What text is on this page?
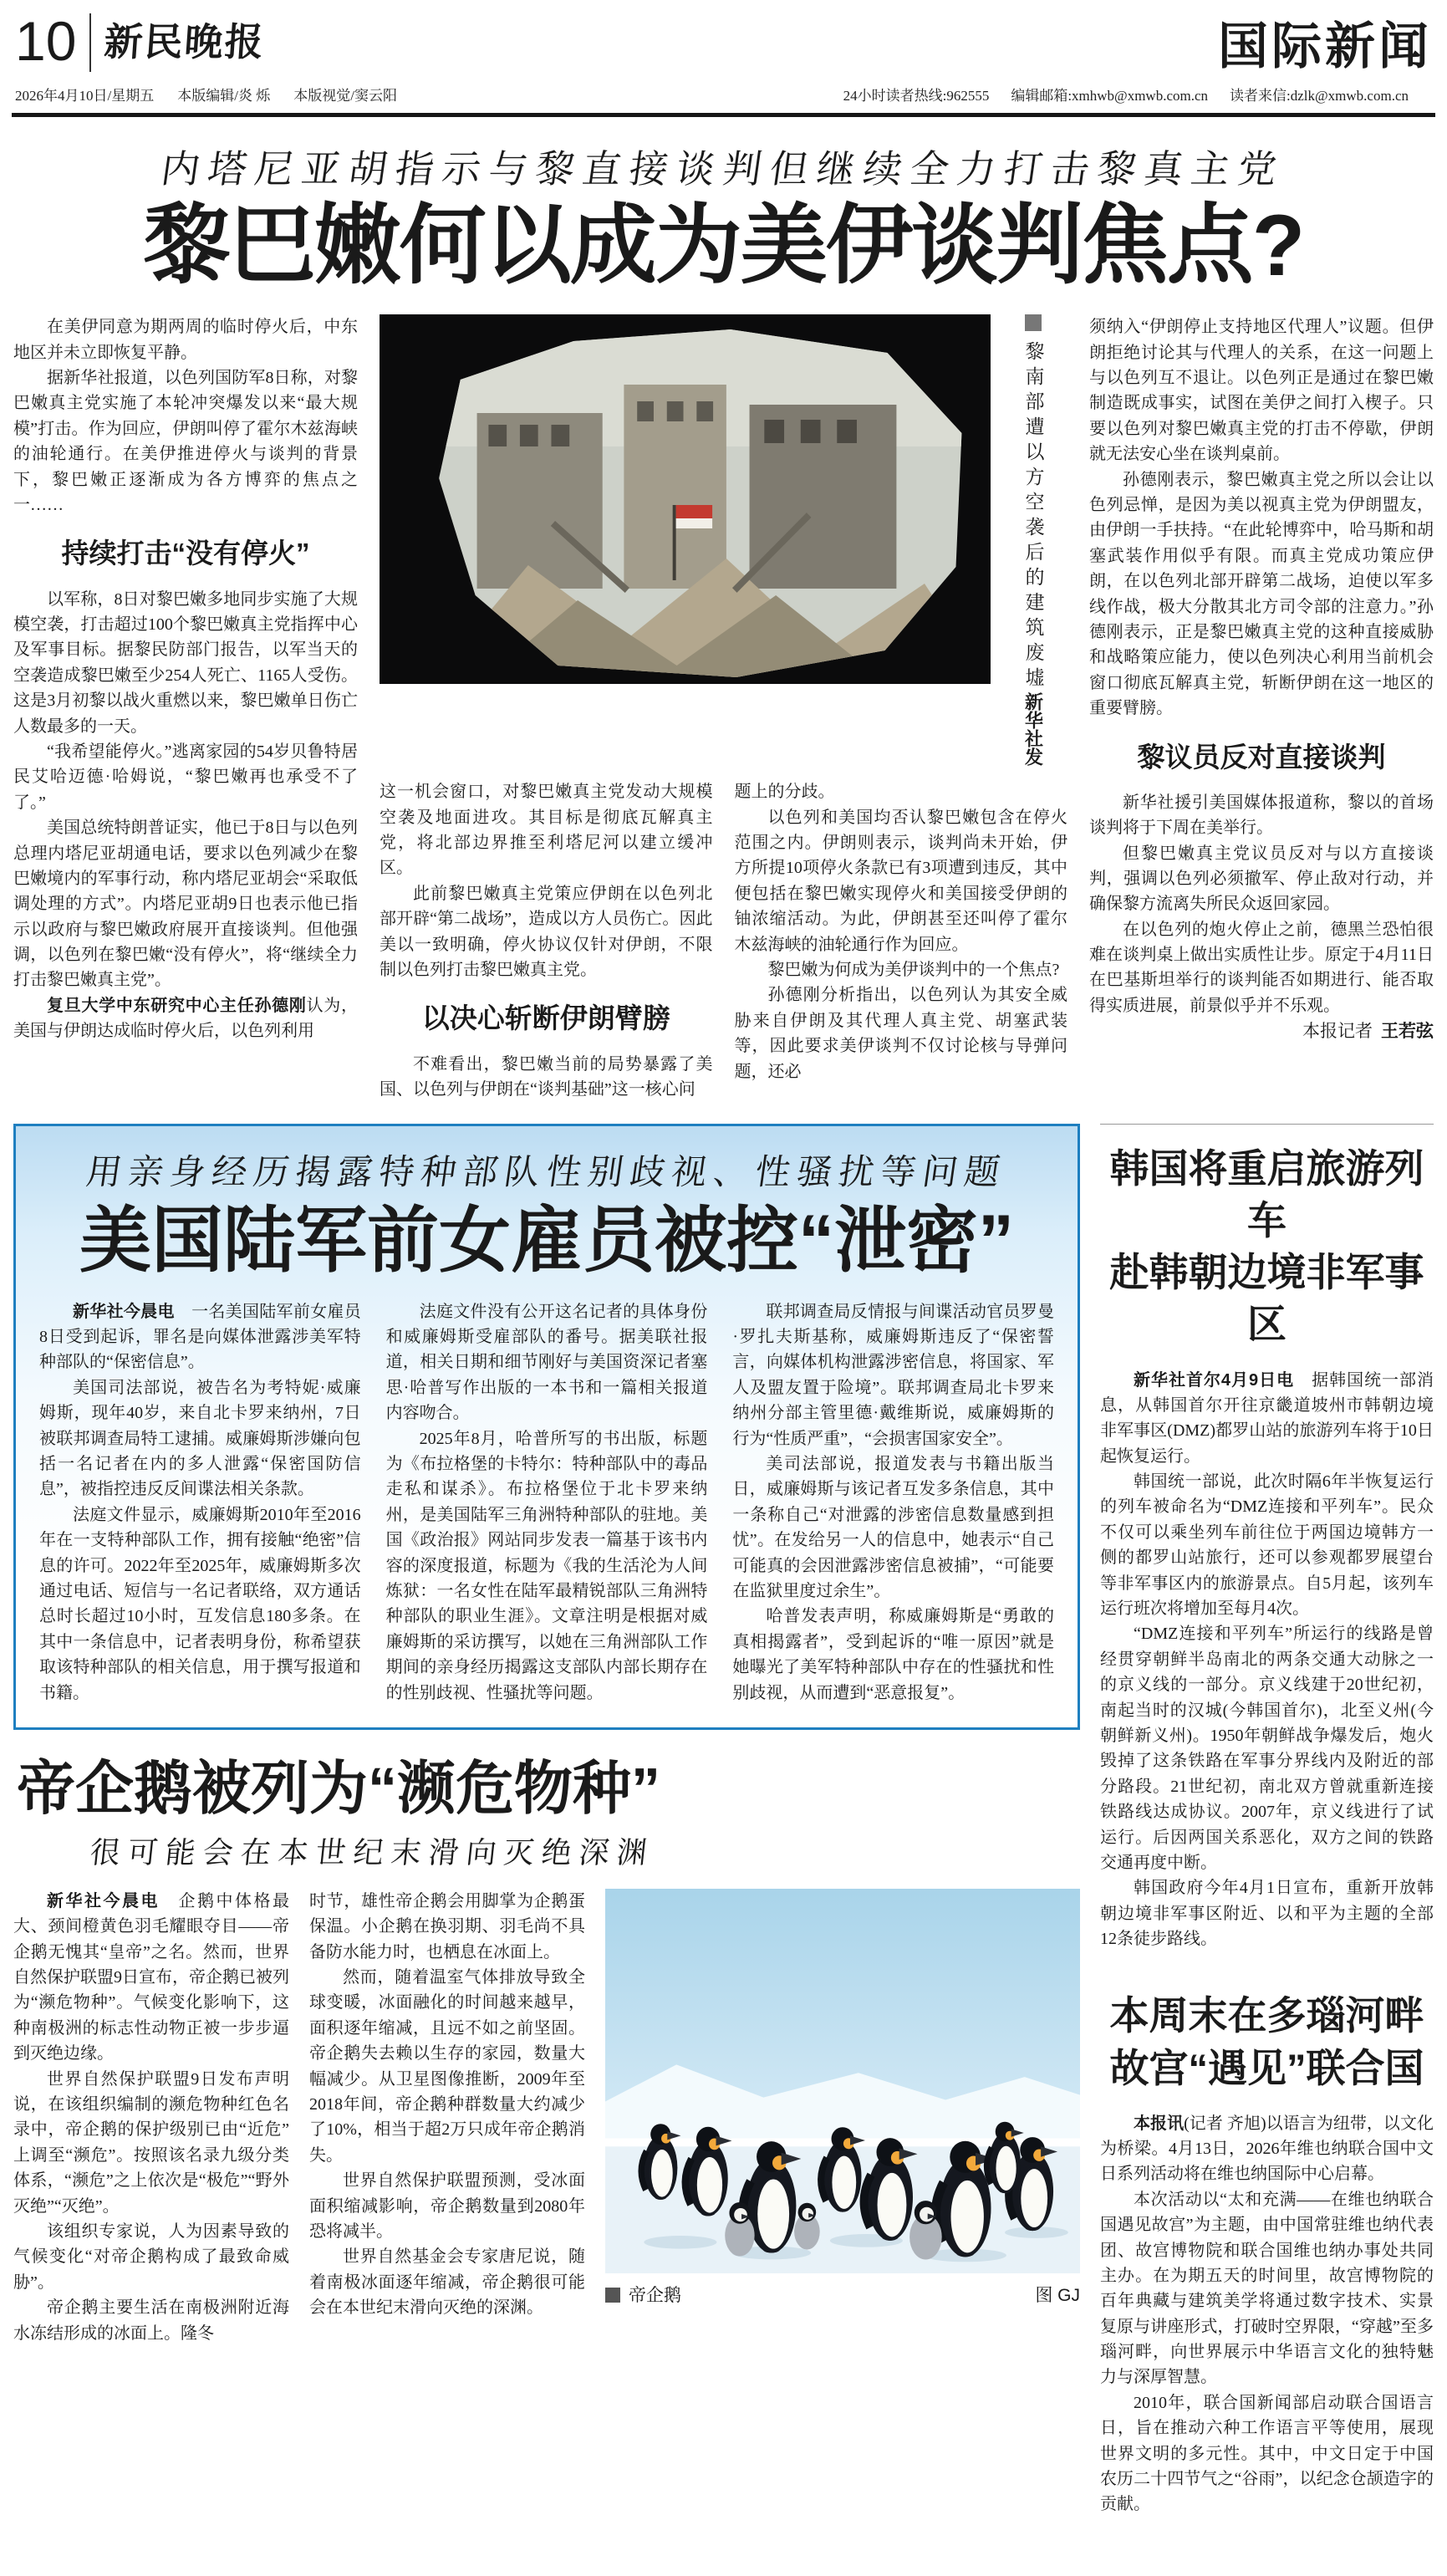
10 新民晚报	国际新闻
2026年4月10日/星期五 本版编辑/炎 烁 本版视觉/窦云阳	24小时读者热线:962555 编辑邮箱:xmhwb@xmwb.com.cn 读者来信:dzlk@xmwb.com.cn
内塔尼亚胡指示与黎直接谈判但继续全力打击黎真主党
黎巴嫩何以成为美伊谈判焦点?

在美伊同意为期两周的临时停火后，中东地区并未立即恢复平静。

据新华社报道，以色列国防军8日称，对黎巴嫩真主党实施了本轮冲突爆发以来“最大规模”打击。作为回应，伊朗叫停了霍尔木兹海峡的油轮通行。在美伊推进停火与谈判的背景下，黎巴嫩正逐渐成为各方博弈的焦点之一……

持续打击“没有停火”

以军称，8日对黎巴嫩多地同步实施了大规模空袭，打击超过100个黎巴嫩真主党指挥中心及军事目标。据黎民防部门报告，以军当天的空袭造成黎巴嫩至少254人死亡、1165人受伤。这是3月初黎以战火重燃以来，黎巴嫩单日伤亡人数最多的一天。

“我希望能停火。”逃离家园的54岁贝鲁特居民艾哈迈德·哈姆说，“黎巴嫩再也承受不了了。”

美国总统特朗普证实，他已于8日与以色列总理内塔尼亚胡通电话，要求以色列减少在黎巴嫩境内的军事行动，称内塔尼亚胡会“采取低调处理的方式”。内塔尼亚胡9日也表示他已指示以政府与黎巴嫩政府展开直接谈判。但他强调，以色列在黎巴嫩“没有停火”，将“继续全力打击黎巴嫩真主党”。

复旦大学中东研究中心主任孙德刚认为，美国与伊朗达成临时停火后，以色列利用

黎南部遭以方空袭后的建筑废墟
新华社发

这一机会窗口，对黎巴嫩真主党发动大规模空袭及地面进攻。其目标是彻底瓦解真主党，将北部边界推至利塔尼河以建立缓冲区。

此前黎巴嫩真主党策应伊朗在以色列北部开辟“第二战场”，造成以方人员伤亡。因此美以一致明确，停火协议仅针对伊朗，不限制以色列打击黎巴嫩真主党。

以决心斩断伊朗臂膀

不难看出，黎巴嫩当前的局势暴露了美国、以色列与伊朗在“谈判基础”这一核心问

题上的分歧。

以色列和美国均否认黎巴嫩包含在停火范围之内。伊朗则表示，谈判尚未开始，伊方所提10项停火条款已有3项遭到违反，其中便包括在黎巴嫩实现停火和美国接受伊朗的铀浓缩活动。为此，伊朗甚至还叫停了霍尔木兹海峡的油轮通行作为回应。

黎巴嫩为何成为美伊谈判中的一个焦点?

孙德刚分析指出，以色列认为其安全威胁来自伊朗及其代理人真主党、胡塞武装等，因此要求美伊谈判不仅讨论核与导弹问题，还必

须纳入“伊朗停止支持地区代理人”议题。但伊朗拒绝讨论其与代理人的关系，在这一问题上与以色列互不退让。以色列正是通过在黎巴嫩制造既成事实，试图在美伊之间打入楔子。只要以色列对黎巴嫩真主党的打击不停歇，伊朗就无法安心坐在谈判桌前。

孙德刚表示，黎巴嫩真主党之所以会让以色列忌惮，是因为美以视真主党为伊朗盟友，由伊朗一手扶持。“在此轮博弈中，哈马斯和胡塞武装作用似乎有限。而真主党成功策应伊朗，在以色列北部开辟第二战场，迫使以军多线作战，极大分散其北方司令部的注意力。”孙德刚表示，正是黎巴嫩真主党的这种直接威胁和战略策应能力，使以色列决心利用当前机会窗口彻底瓦解真主党，斩断伊朗在这一地区的重要臂膀。

黎议员反对直接谈判

新华社援引美国媒体报道称，黎以的首场谈判将于下周在美举行。

但黎巴嫩真主党议员反对与以方直接谈判，强调以色列必须撤军、停止敌对行动，并确保黎方流离失所民众返回家园。

在以色列的炮火停止之前，德黑兰恐怕很难在谈判桌上做出实质性让步。原定于4月11日在巴基斯坦举行的谈判能否如期进行、能否取得实质进展，前景似乎并不乐观。

本报记者 王若弦

用亲身经历揭露特种部队性别歧视、性骚扰等问题
美国陆军前女雇员被控“泄密”

新华社今晨电　 一名美国陆军前女雇员8日受到起诉，罪名是向媒体泄露涉美军特种部队的“保密信息”。

美国司法部说，被告名为考特妮·威廉姆斯，现年40岁，来自北卡罗来纳州，7日被联邦调查局特工逮捕。威廉姆斯涉嫌向包括一名记者在内的多人泄露“保密国防信息”，被指控违反反间谍法相关条款。

法庭文件显示，威廉姆斯2010年至2016年在一支特种部队工作，拥有接触“绝密”信息的许可。2022年至2025年，威廉姆斯多次通过电话、短信与一名记者联络，双方通话总时长超过10小时，互发信息180多条。在其中一条信息中，记者表明身份，称希望获取该特种部队的相关信息，用于撰写报道和书籍。

法庭文件没有公开这名记者的具体身份和威廉姆斯受雇部队的番号。据美联社报道，相关日期和细节刚好与美国资深记者塞思·哈普写作出版的一本书和一篇相关报道内容吻合。

2025年8月，哈普所写的书出版，标题为《布拉格堡的卡特尔：特种部队中的毒品走私和谋杀》。布拉格堡位于北卡罗来纳州，是美国陆军三角洲特种部队的驻地。美国《政治报》网站同步发表一篇基于该书内容的深度报道，标题为《我的生活沦为人间炼狱：一名女性在陆军最精锐部队三角洲特种部队的职业生涯》。文章注明是根据对威廉姆斯的采访撰写，以她在三角洲部队工作期间的亲身经历揭露这支部队内部长期存在的性别歧视、性骚扰等问题。

联邦调查局反情报与间谍活动官员罗曼·罗扎夫斯基称，威廉姆斯违反了“保密誓言，向媒体机构泄露涉密信息，将国家、军人及盟友置于险境”。联邦调查局北卡罗来纳州分部主管里德·戴维斯说，威廉姆斯的行为“性质严重”，“会损害国家安全”。

美司法部说，报道发表与书籍出版当日，威廉姆斯与该记者互发多条信息，其中一条称自己“对泄露的涉密信息数量感到担忧”。在发给另一人的信息中，她表示“自己可能真的会因泄露涉密信息被捕”，“可能要在监狱里度过余生”。

哈普发表声明，称威廉姆斯是“勇敢的真相揭露者”，受到起诉的“唯一原因”就是她曝光了美军特种部队中存在的性骚扰和性别歧视，从而遭到“恶意报复”。

帝企鹅被列为“濒危物种”
很可能会在本世纪末滑向灭绝深渊

新华社今晨电　 企鹅中体格最大、颈间橙黄色羽毛耀眼夺目——帝企鹅无愧其“皇帝”之名。然而，世界自然保护联盟9日宣布，帝企鹅已被列为“濒危物种”。气候变化影响下，这种南极洲的标志性动物正被一步步逼到灭绝边缘。

世界自然保护联盟9日发布声明说，在该组织编制的濒危物种红色名录中，帝企鹅的保护级别已由“近危”上调至“濒危”。按照该名录九级分类体系，“濒危”之上依次是“极危”“野外灭绝”“灭绝”。

该组织专家说，人为因素导致的气候变化“对帝企鹅构成了最致命威胁”。

帝企鹅主要生活在南极洲附近海水冻结形成的冰面上。隆冬

时节，雄性帝企鹅会用脚掌为企鹅蛋保温。小企鹅在换羽期、羽毛尚不具备防水能力时，也栖息在冰面上。

然而，随着温室气体排放导致全球变暖，冰面融化的时间越来越早，面积逐年缩减，且远不如之前坚固。帝企鹅失去赖以生存的家园，数量大幅减少。从卫星图像推断，2009年至2018年间，帝企鹅种群数量大约减少了10%，相当于超2万只成年帝企鹅消失。

世界自然保护联盟预测，受冰面面积缩减影响，帝企鹅数量到2080年恐将减半。

世界自然基金会专家唐尼说，随着南极冰面逐年缩减，帝企鹅很可能会在本世纪末滑向灭绝的深渊。

帝企鹅	图 GJ
韩国将重启旅游列车
赴韩朝边境非军事区

新华社首尔4月9日电　 据韩国统一部消息，从韩国首尔开往京畿道坡州市韩朝边境非军事区(DMZ)都罗山站的旅游列车将于10日起恢复运行。

韩国统一部说，此次时隔6年半恢复运行的列车被命名为“DMZ连接和平列车”。民众不仅可以乘坐列车前往位于两国边境韩方一侧的都罗山站旅行，还可以参观都罗展望台等非军事区内的旅游景点。自5月起，该列车运行班次将增加至每月4次。

“DMZ连接和平列车”所运行的线路是曾经贯穿朝鲜半岛南北的两条交通大动脉之一的京义线的一部分。京义线建于20世纪初，南起当时的汉城(今韩国首尔)，北至义州(今朝鲜新义州)。1950年朝鲜战争爆发后，炮火毁掉了这条铁路在军事分界线内及附近的部分路段。21世纪初，南北双方曾就重新连接铁路线达成协议。2007年，京义线进行了试运行。后因两国关系恶化，双方之间的铁路交通再度中断。

韩国政府今年4月1日宣布，重新开放韩朝边境非军事区附近、以和平为主题的全部12条徒步路线。

本周末在多瑙河畔
故宫“遇见”联合国

本报讯(记者 齐旭)以语言为纽带，以文化为桥梁。4月13日，2026年维也纳联合国中文日系列活动将在维也纳国际中心启幕。

本次活动以“太和充满——在维也纳联合国遇见故宫”为主题，由中国常驻维也纳代表团、故宫博物院和联合国维也纳办事处共同主办。在为期五天的时间里，故宫博物院的百年典藏与建筑美学将通过数字技术、实景复原与讲座形式，打破时空界限，“穿越”至多瑙河畔，向世界展示中华语言文化的独特魅力与深厚智慧。

2010年，联合国新闻部启动联合国语言日，旨在推动六种工作语言平等使用，展现世界文明的多元性。其中，中文日定于中国农历二十四节气之“谷雨”，以纪念仓颉造字的贡献。
